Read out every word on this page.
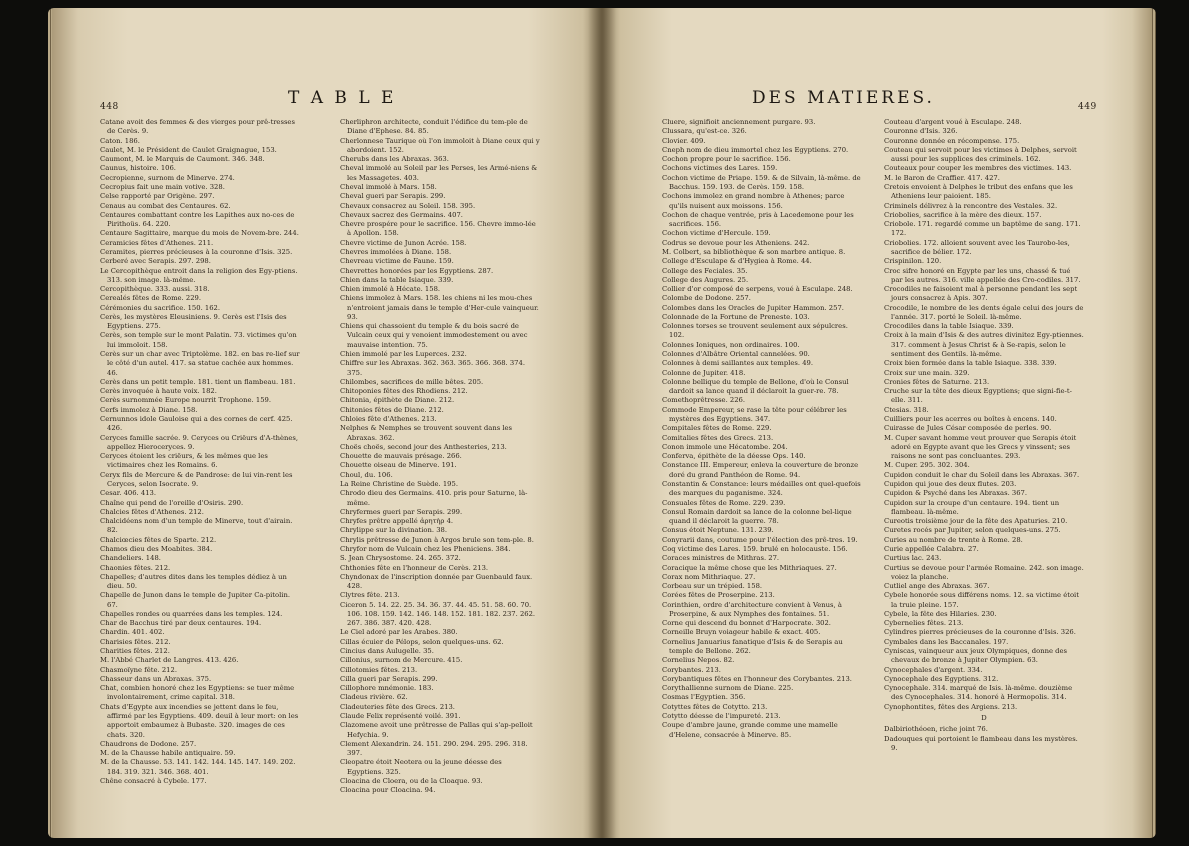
448	T A B L E

Catane avoit des femmes & des vierges pour prê-tresses de Cerès. 9.

Caton. 186.

Caulet, M. le Président de Caulet Graignague, 153.

Caumont, M. le Marquis de Caumont. 346. 348.

Caunus, histoire. 106.

Cecropienne, surnom de Minerve. 274.

Cecropius fait une main votive. 328.

Celse rapporté par Origène. 297.

Cenaus au combat des Centaures. 62.

Centaures combattant contre les Lapithes aux no-ces de Pirithoüs. 64. 220.

Centaure Sagittaire, marque du mois de Novem-bre. 244.

Ceramicies fêtes d'Athenes. 211.

Ceramites, pierres précieuses à la couronne d'Isis. 325.

Cerberé avec Serapis. 297. 298.

Le Cercopithèque entroit dans la religion des Egy-ptiens. 313. son image. là-même.

Cercopithèque. 333. aussi. 318.

Cerealés fêtes de Rome. 229.

Cérémonies du sacrifice. 150. 162.

Cerès, les mystères Eleusiniens. 9. Cerès est l'Isis des Egyptiens. 275.

Cerès, son temple sur le mont Palatin. 73. victimes qu'on lui immoloit. 158.

Cerès sur un char avec Triptolème. 182. en bas re-lief sur le côté d'un autel. 417. sa statue cachée aux hommes. 46.

Cerès dans un petit temple. 181. tient un flambeau. 181.

Cerès invoquée à haute voix. 182.

Cerès surnommée Europe nourrit Trophone. 159.

Cerfs immolez à Diane. 158.

Cernunnos idole Gauloise qui a des cornes de cerf. 425. 426.

Ceryces famille sacrée. 9. Ceryces ou Criëurs d'A-thènes, appellez Hieroceryces. 9.

Ceryces étoient les criëurs, & les mêmes que les victimaires chez les Romains. 6.

Ceryx fils de Mercure & de Pandrose: de lui vin-rent les Ceryces, selon Isocrate. 9.

Cesar. 406. 413.

Chaîne qui pend de l'oreille d'Osiris. 290.

Chalcies fêtes d'Athenes. 212.

Chalcidéens nom d'un temple de Minerve, tout d'airain. 82.

Chalciœcies fêtes de Sparte. 212.

Chamos dieu des Moabites. 384.

Chandeliers. 148.

Chaonies fêtes. 212.

Chapelles; d'autres dites dans les temples dédiez à un dieu. 50.

Chapelle de Junon dans le temple de Jupiter Ca-pitolin. 67.

Chapelles rondes ou quarrées dans les temples. 124.

Char de Bacchus tiré par deux centaures. 194.

Chardin. 401. 402.

Charisies fêtes. 212.

Charities fêtes. 212.

M. l'Abbé Charlet de Langres. 413. 426.

Chasmoïyne fête. 212.

Chasseur dans un Abraxas. 375.

Chat, combien honoré chez les Egyptiens: se tuer même involontairement, crime capital. 318.

Chats d'Egypte aux incendies se jettent dans le feu, affirmé par les Egyptiens. 409. deuil à leur mort: on les apportoit embaumez à Bubaste. 320. images de ces chats. 320.

Chaudrons de Dodone. 257.

M. de la Chausse habile antiquaire. 59.

M. de la Chausse. 53. 141. 142. 144. 145. 147. 149. 202. 184. 319. 321. 346. 368. 401.

Chêne consacré à Cybele. 177.

Cherliphron architecte, conduit l'édifice du tem-ple de Diane d'Ephese. 84. 85.

Cherlonnese Taurique où l'on immoloit à Diane ceux qui y abordoient. 152.

Cherubs dans les Abraxas. 363.

Cheval immolé au Soleil par les Perses, les Armé-niens & les Massagetes. 403.

Cheval immolé à Mars. 158.

Cheval gueri par Serapis. 299.

Chevaux consacrez au Soleil. 158. 395.

Chevaux sacrez des Germains. 407.

Chevre prospére pour le sacrifice. 156. Chevre immo-lée à Apollon. 158.

Chevre victime de Junon Acrée. 158.

Chevres immolées à Diane. 158.

Chevreau victime de Faune. 159.

Chevrettes honorées par les Egyptiens. 287.

Chien dans la table Isiaque. 339.

Chien immolé à Hécate. 158.

Chiens immolez à Mars. 158. les chiens ni les mou-ches n'entroient jamais dans le temple d'Her-cule vainqueur. 93.

Chiens qui chassoient du temple & du bois sacré de Vulcain ceux qui y venoient immodestement ou avec mauvaise intention. 75.

Chien immolé par les Luperces. 232.

Chiffre sur les Abraxas. 362. 363. 365. 366. 368. 374. 375.

Chilombes, sacrifices de mille bêtes. 205.

Chitoponies fêtes des Rhodiens. 212.

Chitonia, épithète de Diane. 212.

Chitonies fêtes de Diane. 212.

Chloies fête d'Athenes. 213.

Nelphes & Nemphes se trouvent souvent dans les Abraxas. 362.

Choës choës, second jour des Anthesteries, 213.

Chouette de mauvais présage. 266.

Chouette oiseau de Minerve. 191.

Choul, du. 106.

La Reine Christine de Suède. 195.

Chrodo dieu des Germains. 410. pris pour Saturne, là-même.

Chryfermes gueri par Serapis. 299.

Chryfes prêtre appellé ἀρητὴρ 4.

Chrylippe sur la divination. 38.

Chrylis prêtresse de Junon à Argos brule son tem-ple. 8.

Chryfor nom de Vulcain chez les Pheniciens. 384.

S. Jean Chrysostome. 24. 265. 372.

Chthonies fête en l'honneur de Cerès. 213.

Chyndonax de l'inscription donnée par Guenbauld faux. 428.

Clytres fête. 213.

Ciceron 5. 14. 22. 25. 34. 36. 37. 44. 45. 51. 58. 60. 70. 106. 108. 159. 142. 146. 148. 152. 181. 182. 237. 262. 267. 386. 387. 420. 428.

Le Ciel adoré par les Arabes. 380.

Cillas écuier de Pélops, selon quelques-uns. 62.

Cincius dans Aulugelle. 35.

Cillonius, surnom de Mercure. 415.

Cillotomies fêtes. 213.

Cilla gueri par Serapis. 299.

Cillophore mnémonie. 183.

Cladeus rivière. 62.

Cladeuteries fête des Grecs. 213.

Claude Felix représenté voilé. 391.

Clazomene avoit une prêtresse de Pallas qui s'ap-pelloit Hefychia. 9.

Clement Alexandrin. 24. 151. 290. 294. 295. 296. 318. 397.

Cleopatre étoit Neotera ou la jeune déesse des Egyptiens. 325.

Cloacina de Cloera, ou de la Cloaque. 93.

Cloacina pour Cloacina. 94.

DES MATIERES.	449

Cluere, signifioit anciennement purgare. 93.

Clussara, qu'est-ce. 326.

Clovier. 409.

Cneph nom de dieu immortel chez les Egyptiens. 270.

Cochon propre pour le sacrifice. 156.

Cochons victimes des Lares. 159.

Cochon victime de Priape. 159. & de Silvain, là-même. de Bacchus. 159. 193. de Cerès. 159. 158.

Cochons immolez en grand nombre à Athenes; parce qu'ils nuisent aux moissons. 156.

Cochon de chaque ventrée, pris à Lacedemone pour les sacrifices. 156.

Cochon victime d'Hercule. 159.

Codrus se devoue pour les Atheniens. 242.

M. Colbert, sa bibliothèque & son marbre antique. 8.

College d'Esculape & d'Hygiea à Rome. 44.

College des Feciales. 35.

College des Augures. 25.

Collier d'or composé de serpens, voué à Esculape. 248.

Colombe de Dodone. 257.

Colombes dans les Oracles de Jupiter Hammon. 257.

Colonnade de la Fortune de Preneste. 103.

Colonnes torses se trouvent seulement aux sépulcres. 102.

Colonnes Ioniques, non ordinaires. 100.

Colonnes d'Albâtre Oriental cannelées. 90.

Colonnes à demi saillantes aux temples. 49.

Colonne de Jupiter. 418.

Colonne bellique du temple de Bellone, d'où le Consul dardoit sa lance quand il déclaroit la guer-re. 78.

Comethoprêtresse. 226.

Commode Empereur, se rase la tête pour célébrer les mystères des Egyptiens. 347.

Compitales fêtes de Rome. 229.

Comitalies fêtes des Grecs. 213.

Conon immole une Hécatombe. 204.

Conferva, épithète de la déesse Ops. 140.

Constance III. Empereur, enleva la couverture de bronze doré du grand Panthéon de Rome. 94.

Constantin & Constance: leurs médailles ont quel-quefois des marques du paganisme. 324.

Consuales fêtes de Rome. 229. 239.

Consul Romain dardoit sa lance de la colonne bel-lique quand il déclaroit la guerre. 78.

Consus étoit Neptune. 131. 239.

Conyrarii dans, coutume pour l'élection des prê-tres. 19.

Coq victime des Lares. 159. brulé en holocauste. 156.

Coraces ministres de Mithras. 27.

Coracique la même chose que les Mithriaques. 27.

Corax nom Mithriaque. 27.

Corbeau sur un trépied. 158.

Corées fêtes de Proserpine. 213.

Corinthien, ordre d'architecture convient à Venus, à Proserpine, & aux Nymphes des fontaines. 51.

Corne qui descend du bonnet d'Harpocrate. 302.

Corneille Bruyn voiageur habile & exact. 405.

Cornelius Januarius fanatique d'Isis & de Serapis au temple de Bellone. 262.

Cornelius Nepos. 82.

Corybantes. 213.

Corybantiques fêtes en l'honneur des Corybantes. 213.

Corythallienne surnom de Diane. 225.

Cosmas l'Egyptien. 356.

Cotyttes fêtes de Cotytto. 213.

Cotytto déesse de l'impureté. 213.

Coupe d'ambre jaune, grande comme une mamelle d'Helene, consacrée à Minerve. 85.

Couteau d'argent voué à Esculape. 248.

Couronne d'Isis. 326.

Couronne donnée en récompense. 175.

Couteau qui servoit pour les victimes à Delphes, servoit aussi pour les supplices des criminels. 162.

Couteaux pour couper les membres des victimes. 143.

M. le Baron de Craffier. 417. 427.

Cretois envoient à Delphes le tribut des enfans que les Atheniens leur paioient. 185.

Criminels délivrez à la rencontre des Vestales. 32.

Criobolies, sacrifice à la mère des dieux. 157.

Criobole. 171. regardé comme un baptême de sang. 171. 172.

Criobolies. 172. alloient souvent avec les Taurobo-les, sacrifice de bélier. 172.

Crispinilon. 120.

Croc sifre honoré en Egypte par les uns, chassé & tué par les autres. 316. ville appellée des Cro-codiles. 317.

Crocodiles ne faisoient mal à personne pendant les sept jours consacrez à Apis. 307.

Crocodile, le nombre de les dents égale celui des jours de l'année. 317. porté le Soleil. là-même.

Crocodiles dans la table Isiaque. 339.

Croix à la main d'Isis & des autres divinitez Egy-ptiennes. 317. comment à Jesus Christ & à Se-rapis, selon le sentiment des Gentils. là-même.

Croix bien formée dans la table Isiaque. 338. 339.

Croix sur une main. 329.

Cronies fêtes de Saturne. 213.

Cruche sur la tête des dieux Egyptiens; que signi-fie-t-elle. 311.

Ctesias. 318.

Cuilliers pour les acerres ou boîtes à encens. 140.

Cuirasse de Jules César composée de perles. 90.

M. Cuper savant homme veut prouver que Serapis étoit adoré en Egypte avant que les Grecs y vinssent; ses raisons ne sont pas concluantes. 293.

M. Cuper. 295. 302. 304.

Cupidon conduit le char du Soleil dans les Abraxas. 367.

Cupidon qui joue des deux flutes. 203.

Cupidon & Psyché dans les Abraxas. 367.

Cupidon sur la croupe d'un centaure. 194. tient un flambeau. là-même.

Cureotis troisième jour de la fête des Apaturies. 210.

Curetes rocés par Jupiter, selon quelques-uns. 275.

Curies au nombre de trente à Rome. 28.

Curie appellée Calabra. 27.

Curtius lac. 243.

Curtius se devoue pour l'armée Romaine. 242. son image. voiez la planche.

Cutliel ange des Abraxas. 367.

Cybele honorée sous différens noms. 12. sa victime étoit la truie pleine. 157.

Cybele, la fête des Hilaries. 230.

Cybernelies fêtes. 213.

Cylindres pierres précieuses de la couronne d'Isis. 326.

Cymbales dans les Baccanales. 197.

Cyniscas, vainqueur aux jeux Olympiques, donne des chevaux de bronze à Jupiter Olympien. 63.

Cynocephales d'argent. 334.

Cynocephale des Egyptiens. 312.

Cynocephale. 314. marqué de Isis. là-même. douzième des Cynocephales. 314. honoré à Hermopolis. 314.

Cynophontites, fêtes des Argiens. 213.

D

Dalbiriothéoen, riche joint 76.

Dadouques qui portoient le flambeau dans les mystères. 9.
